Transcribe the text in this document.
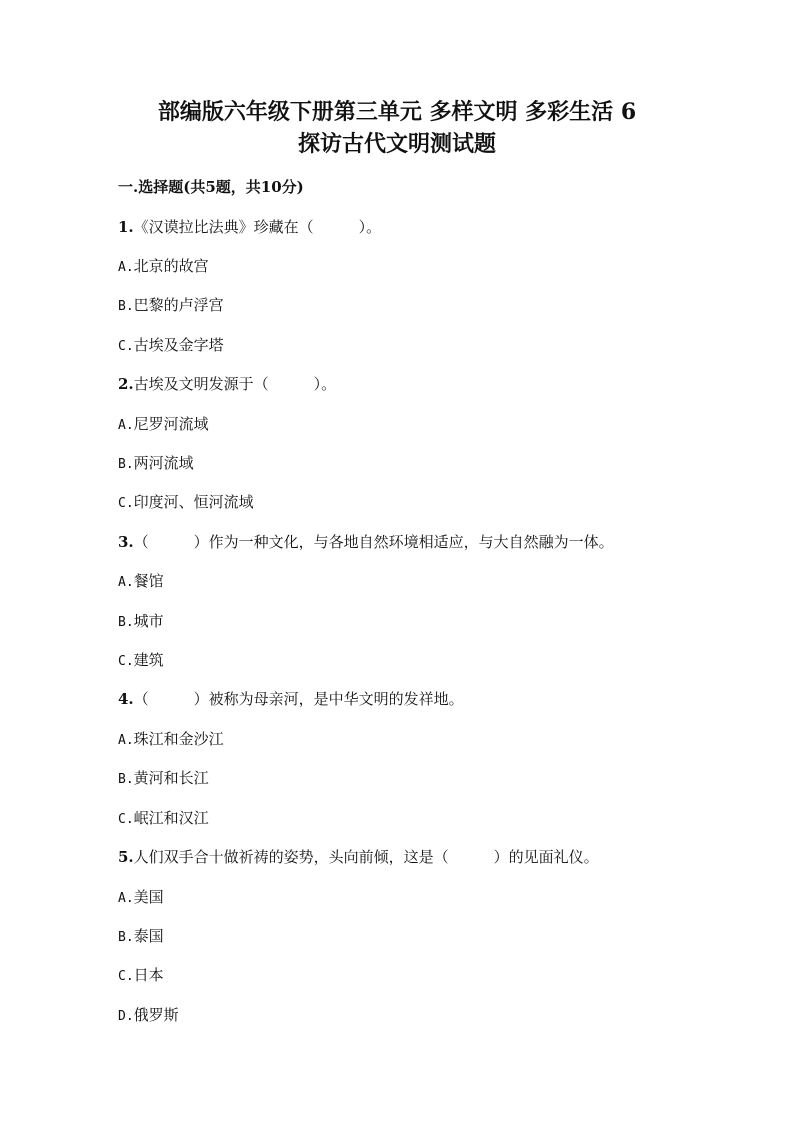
部编版六年级下册第三单元 多样文明 多彩生活 6
探访古代文明测试题
一.选择题(共5题，共10分)
1.《汉谟拉比法典》珍藏在（　　　）。
A.北京的故宫
B.巴黎的卢浮宫
C.古埃及金字塔
2.古埃及文明发源于（　　　）。
A.尼罗河流域
B.两河流域
C.印度河、恒河流域
3.（　　　）作为一种文化，与各地自然环境相适应，与大自然融为一体。
A.餐馆
B.城市
C.建筑
4.（　　　）被称为母亲河，是中华文明的发祥地。
A.珠江和金沙江
B.黄河和长江
C.岷江和汉江
5.人们双手合十做祈祷的姿势，头向前倾，这是（　　　）的见面礼仪。
A.美国
B.泰国
C.日本
D.俄罗斯
